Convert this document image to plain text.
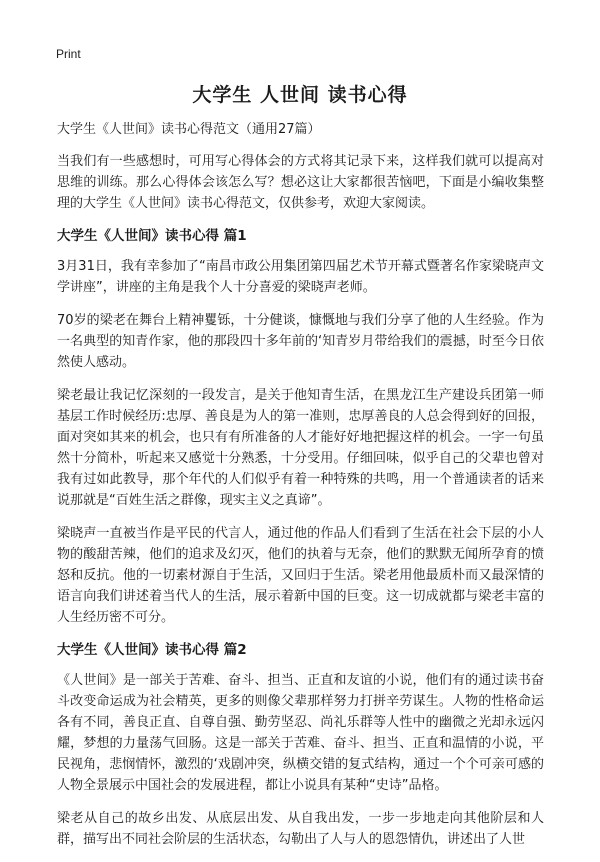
Print
大学生 人世间 读书心得

大学生《人世间》读书心得范文（通用27篇）

当我们有一些感想时，可用写心得体会的方式将其记录下来，这样我们就可以提高对思维的训练。那么心得体会该怎么写？想必这让大家都很苦恼吧，下面是小编收集整理的大学生《人世间》读书心得范文，仅供参考，欢迎大家阅读。

大学生《人世间》读书心得 篇1

3月31日，我有幸参加了“南昌市政公用集团第四届艺术节开幕式暨著名作家梁晓声文学讲座”，讲座的主角是我个人十分喜爱的梁晓声老师。

70岁的梁老在舞台上精神矍铄，十分健谈，慷慨地与我们分享了他的人生经验。作为一名典型的知青作家，他的那段四十多年前的‘知青岁月带给我们的震撼，时至今日依然使人感动。

梁老最让我记忆深刻的一段发言，是关于他知青生活，在黑龙江生产建设兵团第一师基层工作时候经历:忠厚、善良是为人的第一准则，忠厚善良的人总会得到好的回报，面对突如其来的机会，也只有有所准备的人才能好好地把握这样的机会。一字一句虽然十分简朴，听起来又感觉十分熟悉，十分受用。仔细回味，似乎自己的父辈也曾对我有过如此教导，那个年代的人们似乎有着一种特殊的共鸣，用一个普通读者的话来说那就是“百姓生活之群像，现实主义之真谛”。

梁晓声一直被当作是平民的代言人，通过他的作品人们看到了生活在社会下层的小人物的酸甜苦辣，他们的追求及幻灭，他们的执着与无奈，他们的默默无闻所孕育的愤怒和反抗。他的一切素材源自于生活，又回归于生活。梁老用他最质朴而又最深情的语言向我们讲述着当代人的生活，展示着新中国的巨变。这一切成就都与梁老丰富的人生经历密不可分。

大学生《人世间》读书心得 篇2

《人世间》是一部关于苦难、奋斗、担当、正直和友谊的小说，他们有的通过读书奋斗改变命运成为社会精英，更多的则像父辈那样努力打拼辛劳谋生。人物的性格命运各有不同，善良正直、自尊自强、勤劳坚忍、尚礼乐群等人性中的幽微之光却永远闪耀，梦想的力量荡气回肠。这是一部关于苦难、奋斗、担当、正直和温情的小说，平民视角，悲悯情怀，激烈的‘戏剧冲突，纵横交错的复式结构，通过一个个可亲可感的人物全景展示中国社会的发展进程，都让小说具有某种“史诗”品格。

梁老从自己的故乡出发、从底层出发、从自我出发，一步一步地走向其他阶层和人群，描写出不同社会阶层的生活状态，勾勒出了人与人的恩怨情仇，讲述出了人世
